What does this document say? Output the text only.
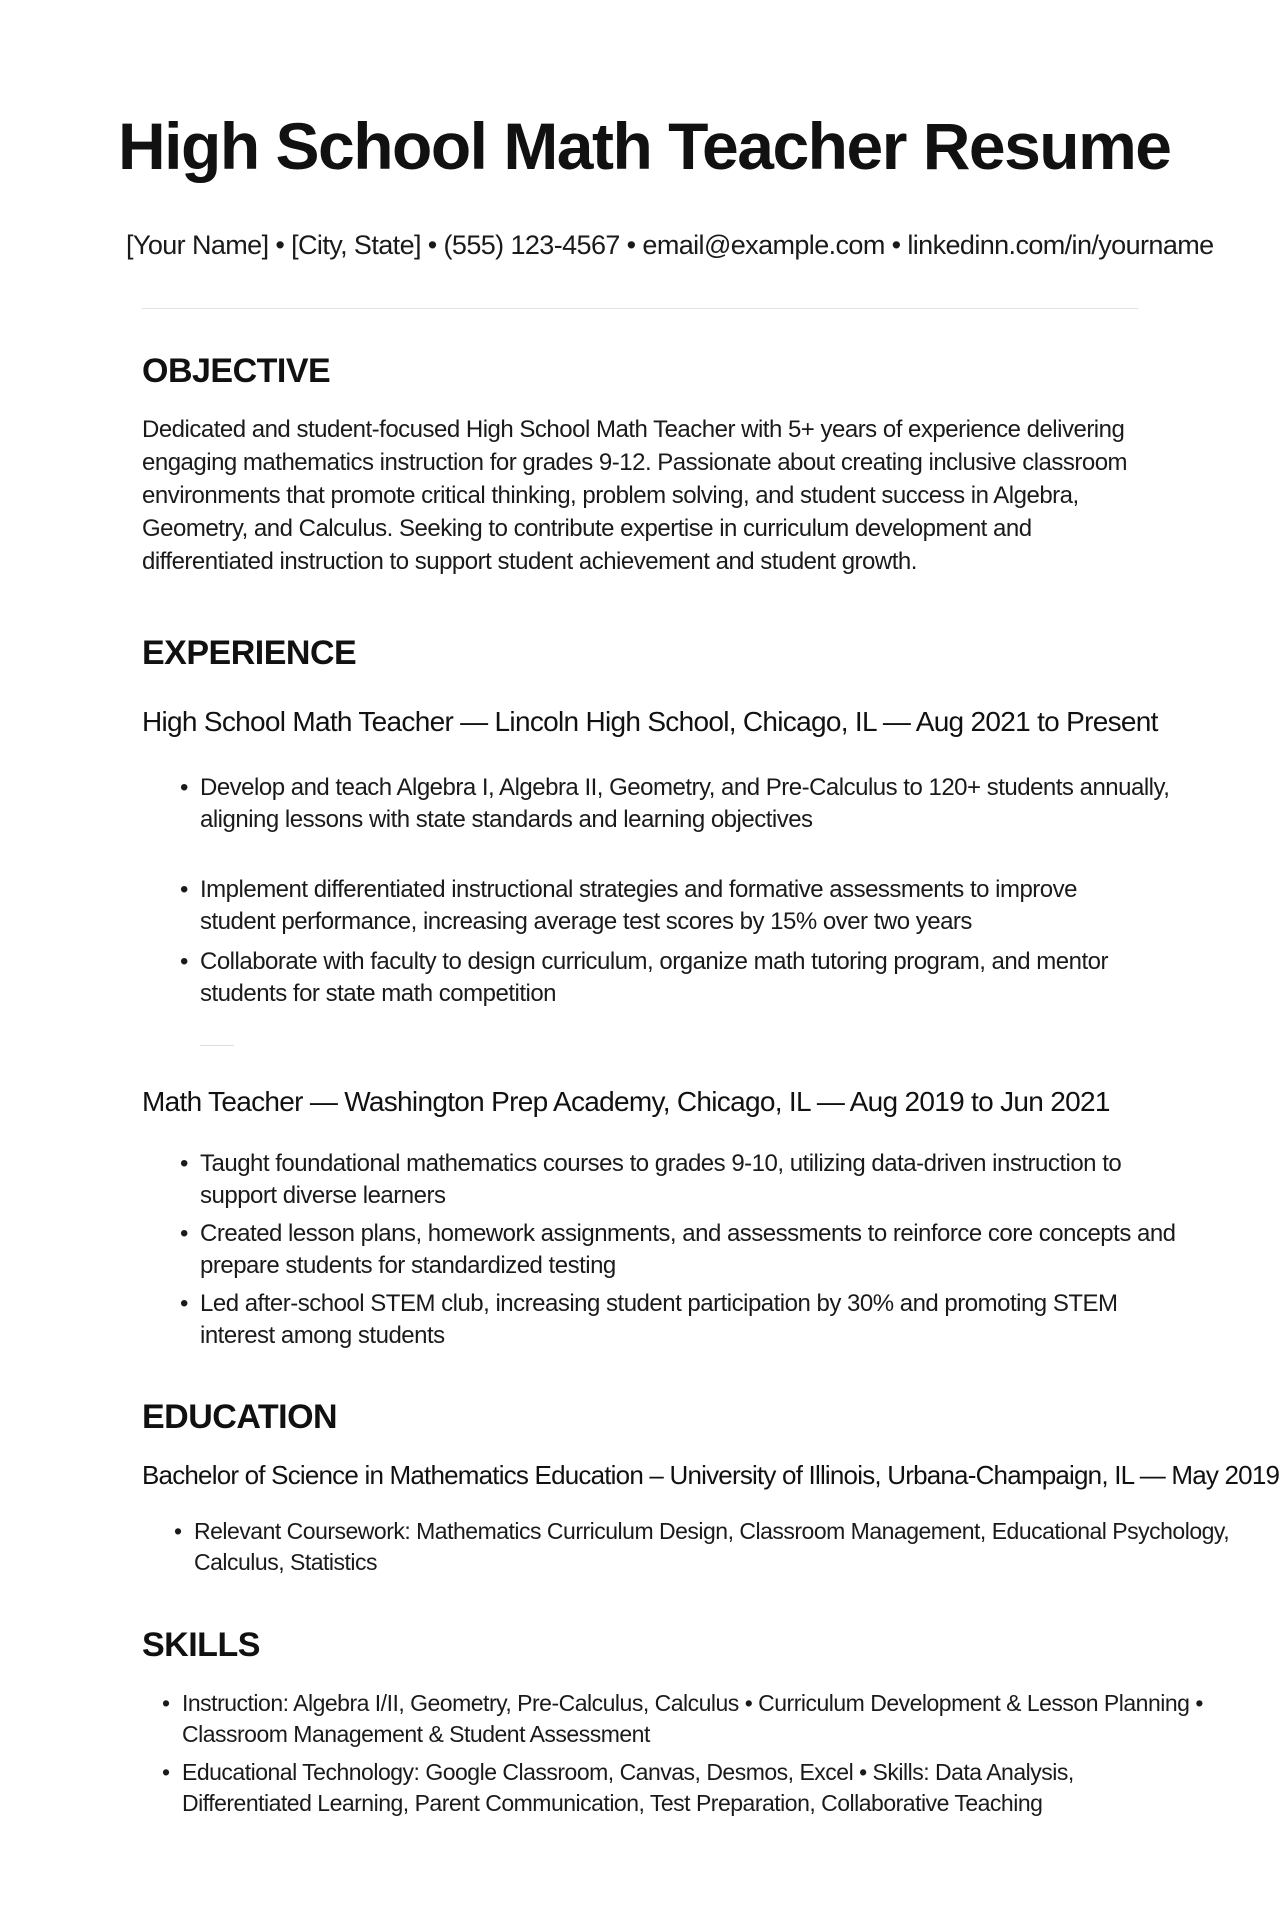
High School Math Teacher Resume
[Your Name] • [City, State] • (555) 123-4567 • email@example.com • linkedinn.com/in/yourname
OBJECTIVE

Dedicated and student-focused High School Math Teacher with 5+ years of experience delivering engaging mathematics instruction for grades 9-12. Passionate about creating inclusive classroom environments that promote critical thinking, problem solving, and student success in Algebra, Geometry, and Calculus. Seeking to contribute expertise in curriculum development and differentiated instruction to support student achievement and student growth.

EXPERIENCE
High School Math Teacher — Lincoln High School, Chicago, IL — Aug 2021 to Present

• Develop and teach Algebra I, Algebra II, Geometry, and Pre-Calculus to 120+ students annually, aligning lessons with state standards and learning objectives

• Implement differentiated instructional strategies and formative assessments to improve student performance, increasing average test scores by 15% over two years

• Collaborate with faculty to design curriculum, organize math tutoring program, and mentor students for state math competition

Math Teacher — Washington Prep Academy, Chicago, IL — Aug 2019 to Jun 2021

• Taught foundational mathematics courses to grades 9-10, utilizing data-driven instruction to support diverse learners

• Created lesson plans, homework assignments, and assessments to reinforce core concepts and prepare students for standardized testing

• Led after-school STEM club, increasing student participation by 30% and promoting STEM interest among students

EDUCATION
Bachelor of Science in Mathematics Education – University of Illinois, Urbana-Champaign, IL — May 2019

• Relevant Coursework: Mathematics Curriculum Design, Classroom Management, Educational Psychology, Calculus, Statistics

SKILLS

• Instruction: Algebra I/II, Geometry, Pre-Calculus, Calculus • Curriculum Development & Lesson Planning • Classroom Management & Student Assessment

• Educational Technology: Google Classroom, Canvas, Desmos, Excel • Skills: Data Analysis, Differentiated Learning, Parent Communication, Test Preparation, Collaborative Teaching
